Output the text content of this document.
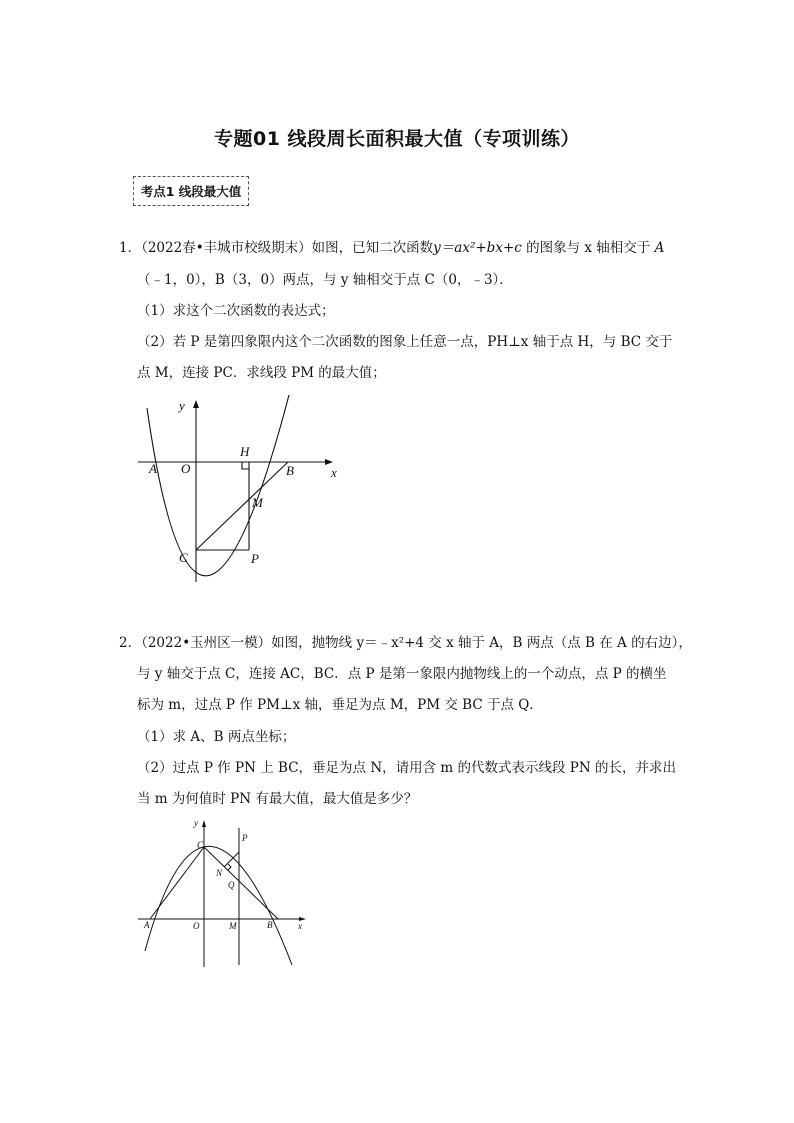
专题01 线段周长面积最大值（专项训练）
考点1 线段最大值
1．（2022春•丰城市校级期末）如图，已知二次函数y＝ax²+bx+c 的图象与 x 轴相交于 A
（﹣1，0），B（3，0）两点，与 y 轴相交于点 C（0，﹣3）．
（1）求这个二次函数的表达式；
（2）若 P 是第四象限内这个二次函数的图象上任意一点，PH⊥x 轴于点 H，与 BC 交于
点 M，连接 PC．求线段 PM 的最大值；
y
x
A O
H
B
M
C	P
2．（2022•玉州区一模）如图，抛物线 y＝﹣x²+4 交 x 轴于 A，B 两点（点 B 在 A 的右边），
与 y 轴交于点 C，连接 AC，BC．点 P 是第一象限内抛物线上的一个动点，点 P 的横坐
标为 m，过点 P 作 PM⊥x 轴，垂足为点 M，PM 交 BC 于点 Q．
（1）求 A、B 两点坐标；
（2）过点 P 作 PN 上 BC，垂足为点 N，请用含 m 的代数式表示线段 PN 的长，并求出
当 m 为何值时 PN 有最大值，最大值是多少？
y
x
A	O	M	B
C
P
N
Q
